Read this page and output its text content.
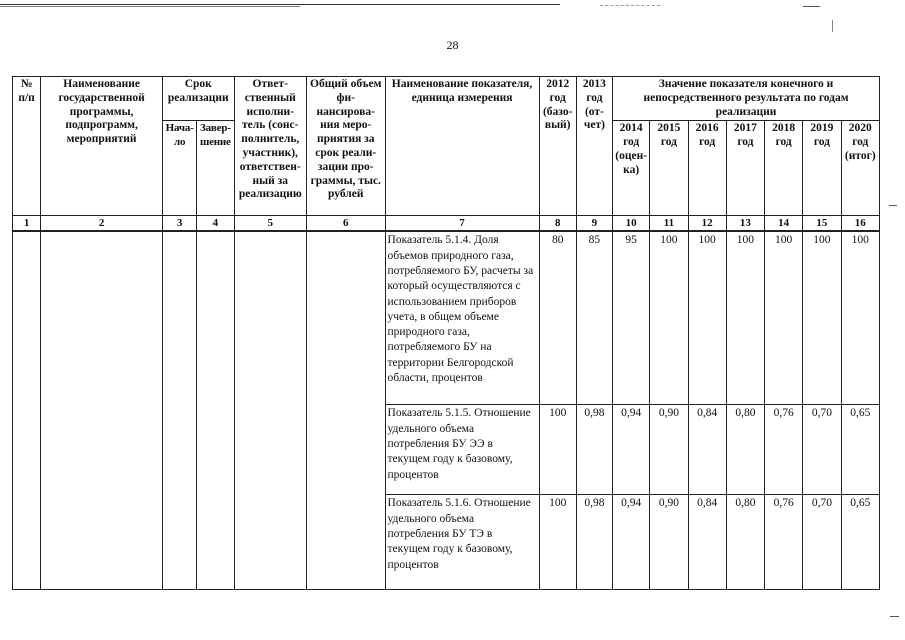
28
№ п/п	Наименование государственной программы, подпрограмм, мероприятий	Срок реализации		Ответ-ственный исполни-тель (сонс-полнитель, участник), ответствен-ный за реализацию	Общий объем фи-нансирова-ния меро-приятия за срок реали-зации про-граммы, тыс. рублей	Наименование показателя, единица измерения	2012 год (базо-вый)	2013 год (от-чет)	Значение показателя конечного и непосредственного результата по годам реализации						
		Нача-ло	Завер-шение						2014 год (оцен-ка)	2015 год	2016 год	2017 год	2018 год	2019 год	2020 год (итог)
1	2	3	4	5	6	7	8	9	10	11	12	13	14	15	16
						Показатель 5.1.4. Доля объемов природного газа, потребляемого БУ, расчеты за который осуществляются с использованием приборов учета, в общем объеме природного газа, потребляемого БУ на территории Белгородской области, процентов	80	85	95	100	100	100	100	100	100
						Показатель 5.1.5. Отношение удельного объема потребления БУ ЭЭ в текущем году к базовому, процентов	100	0,98	0,94	0,90	0,84	0,80	0,76	0,70	0,65
						Показатель 5.1.6. Отношение удельного объема потребления БУ ТЭ в текущем году к базовому, процентов	100	0,98	0,94	0,90	0,84	0,80	0,76	0,70	0,65
